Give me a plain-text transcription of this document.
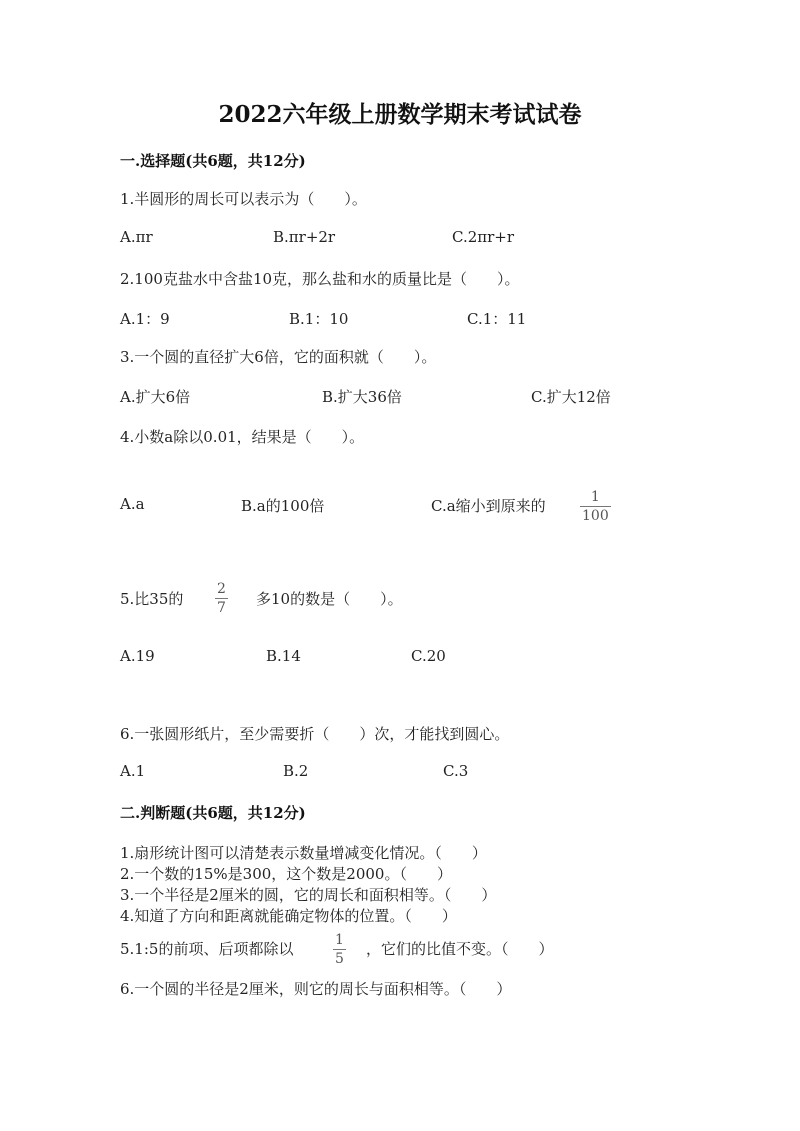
2022六年级上册数学期末考试试卷
一.选择题(共6题，共12分)
1.半圆形的周长可以表示为（　　）。
A.πr	B.πr+2r	C.2πr+r
2.100克盐水中含盐10克，那么盐和水的质量比是（　　）。
A.1：9	B.1：10	C.1：11
3.一个圆的直径扩大6倍，它的面积就（　　）。
A.扩大6倍	B.扩大36倍	C.扩大12倍
4.小数a除以0.01，结果是（　　）。
A.a	B.a的100倍	C.a缩小到原来的	1
100
5.比35的
2
7 多10的数是（　　）。
A.19	B.14	C.20
6.一张圆形纸片，至少需要折（　　）次，才能找到圆心。
A.1	B.2	C.3
二.判断题(共6题，共12分)
1.扇形统计图可以清楚表示数量增减变化情况。（　　）
2.一个数的15%是300，这个数是2000。（　　）
3.一个半径是2厘米的圆，它的周长和面积相等。（　　）
4.知道了方向和距离就能确定物体的位置。（　　）
5.1:5的前项、后项都除以	1
5
，它们的比值不变。（　　）
6.一个圆的半径是2厘米，则它的周长与面积相等。（　　）
